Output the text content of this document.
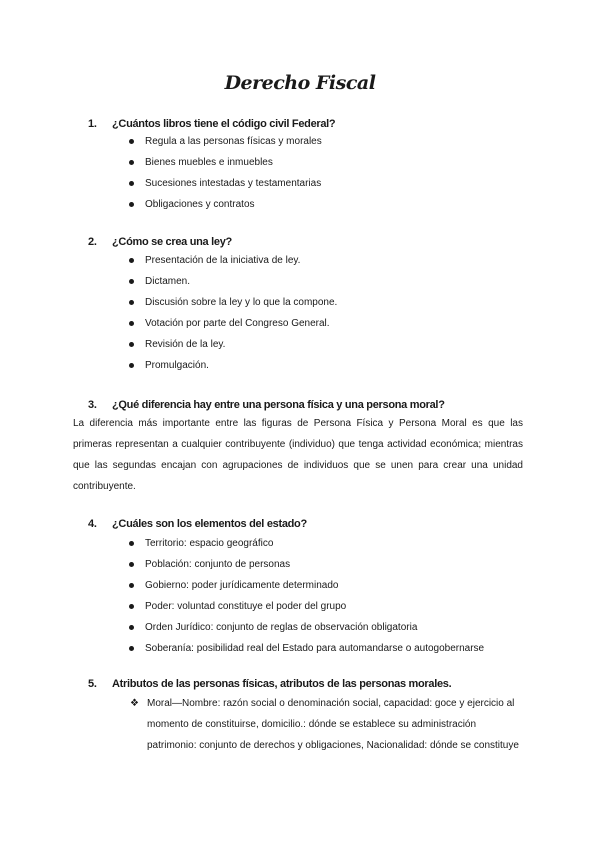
Derecho Fiscal
1. ¿Cuántos libros tiene el código civil Federal?
Regula a las personas físicas y morales
Bienes muebles e inmuebles
Sucesiones intestadas y testamentarias
Obligaciones y contratos
2. ¿Cómo se crea una ley?
Presentación de la iniciativa de ley.
Dictamen.
Discusión sobre la ley y lo que la compone.
Votación por parte del Congreso General.
Revisión de la ley.
Promulgación.
3. ¿Qué diferencia hay entre una persona física y una persona moral?
La diferencia más importante entre las figuras de Persona Física y Persona Moral es que las primeras representan a cualquier contribuyente (individuo) que tenga actividad económica; mientras que las segundas encajan con agrupaciones de individuos que se unen para crear una unidad contribuyente.
4. ¿Cuáles son los elementos del estado?
Territorio: espacio geográfico
Población: conjunto de personas
Gobierno: poder jurídicamente determinado
Poder: voluntad constituye el poder del grupo
Orden Jurídico: conjunto de reglas de observación obligatoria
Soberanía: posibilidad real del Estado para automandarse o autogobernarse
5. Atributos de las personas físicas, atributos de las personas morales.
❖ Moral—Nombre: razón social o denominación social, capacidad: goce y ejercicio al momento de constituirse, domicilio.: dónde se establece su administración patrimonio: conjunto de derechos y obligaciones, Nacionalidad: dónde se constituye
